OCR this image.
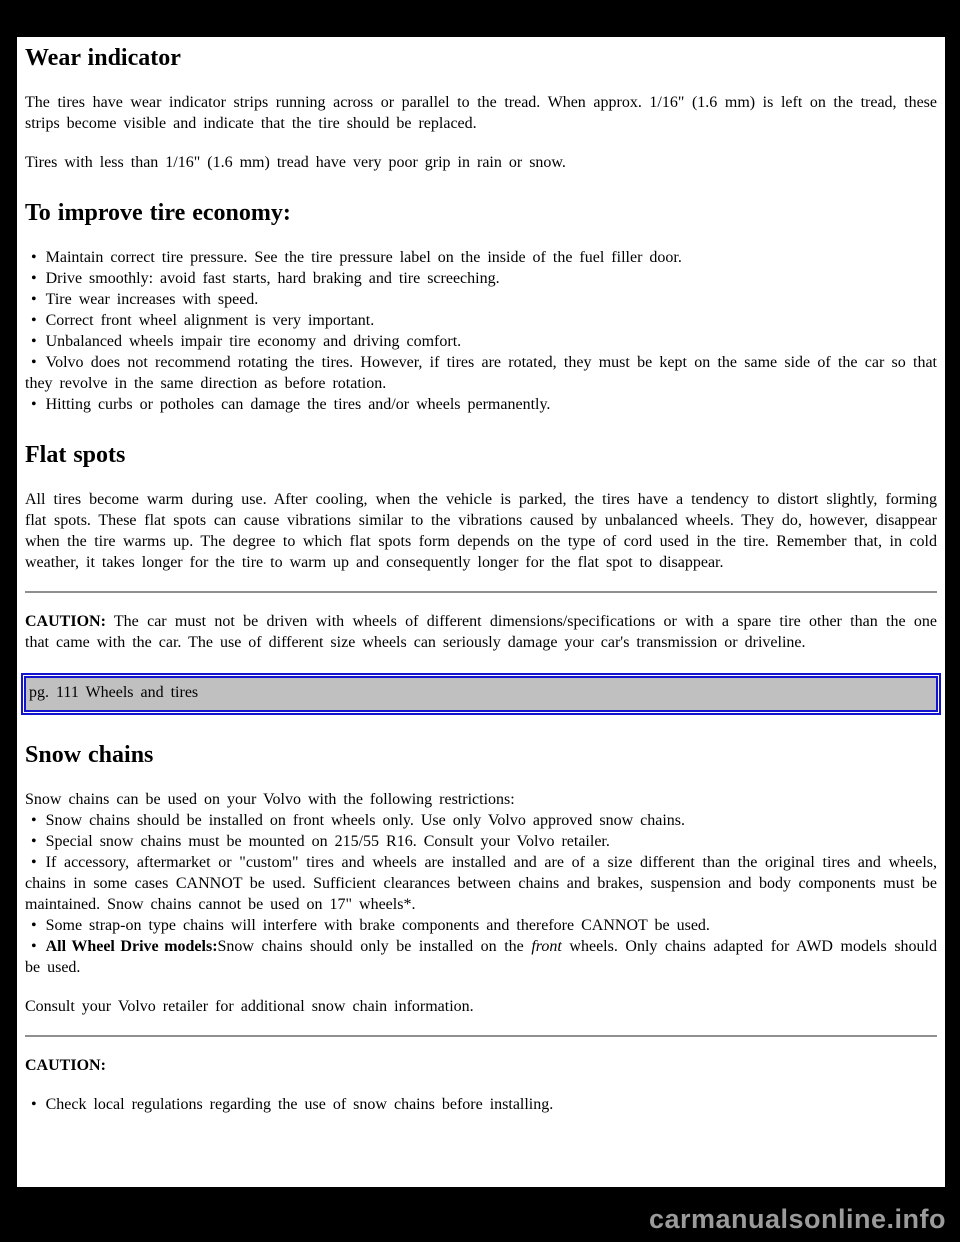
Wear indicator

The tires have wear indicator strips running across or parallel to the tread. When approx. 1/16" (1.6 mm) is left on the tread, these strips become visible and indicate that the tire should be replaced.

Tires with less than 1/16" (1.6 mm) tread have very poor grip in rain or snow.

To improve tire economy:
• Maintain correct tire pressure. See the tire pressure label on the inside of the fuel filler door.
• Drive smoothly: avoid fast starts, hard braking and tire screeching.
• Tire wear increases with speed.
• Correct front wheel alignment is very important.
• Unbalanced wheels impair tire economy and driving comfort.
• Volvo does not recommend rotating the tires. However, if tires are rotated, they must be kept on the same side of the car so that they revolve in the same direction as before rotation.
• Hitting curbs or potholes can damage the tires and/or wheels permanently.
Flat spots

All tires become warm during use. After cooling, when the vehicle is parked, the tires have a tendency to distort slightly, forming flat spots. These flat spots can cause vibrations similar to the vibrations caused by unbalanced wheels. They do, however, disappear when the tire warms up. The degree to which flat spots form depends on the type of cord used in the tire. Remember that, in cold weather, it takes longer for the tire to warm up and consequently longer for the flat spot to disappear.

CAUTION: The car must not be driven with wheels of different dimensions/specifications or with a spare tire other than the one that came with the car. The use of different size wheels can seriously damage your car's transmission or driveline.

pg. 111 Wheels and tires
Snow chains
Snow chains can be used on your Volvo with the following restrictions:
• Snow chains should be installed on front wheels only. Use only Volvo approved snow chains.
• Special snow chains must be mounted on 215/55 R16. Consult your Volvo retailer.
• If accessory, aftermarket or "custom" tires and wheels are installed and are of a size different than the original tires and wheels, chains in some cases CANNOT be used. Sufficient clearances between chains and brakes, suspension and body components must be maintained. Snow chains cannot be used on 17" wheels*.
• Some strap-on type chains will interfere with brake components and therefore CANNOT be used.
• All Wheel Drive models:Snow chains should only be installed on the front wheels. Only chains adapted for AWD models should be used.

Consult your Volvo retailer for additional snow chain information.

CAUTION:

• Check local regulations regarding the use of snow chains before installing.
carmanualsonline.info
